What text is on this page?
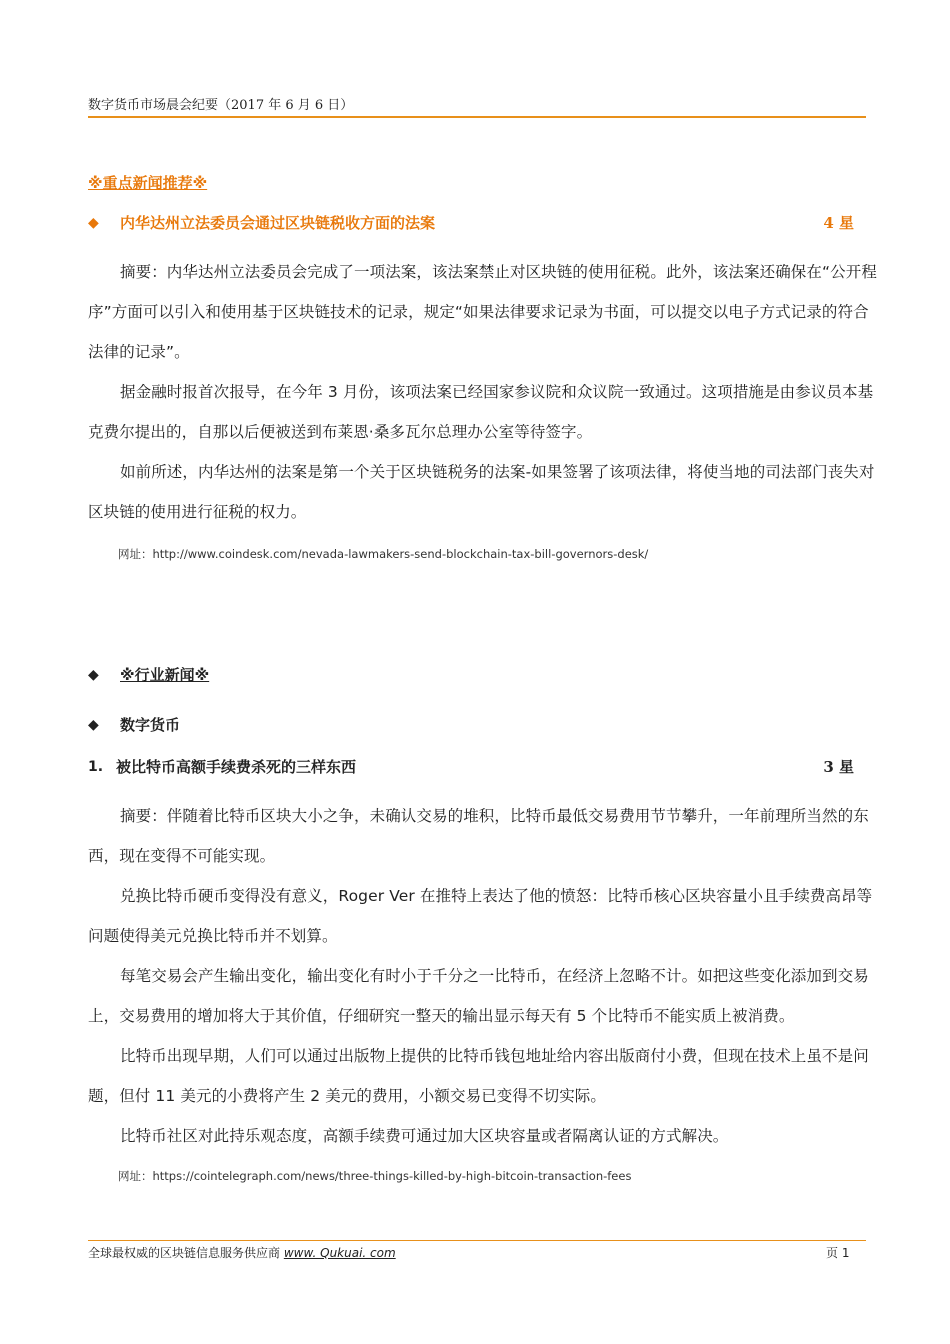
数字货币市场晨会纪要（2017 年 6 月 6 日）
※重点新闻推荐※
◆	内华达州立法委员会通过区块链税收方面的法案	4 星
摘要：内华达州立法委员会完成了一项法案，该法案禁止对区块链的使用征税。此外，该法案还确保在“公开程序”方面可以引入和使用基于区块链技术的记录，规定“如果法律要求记录为书面，可以提交以电子方式记录的符合法律的记录”。
据金融时报首次报导，在今年 3 月份，该项法案已经国家参议院和众议院一致通过。这项措施是由参议员本基克费尔提出的，自那以后便被送到布莱恩·桑多瓦尔总理办公室等待签字。
如前所述，内华达州的法案是第一个关于区块链税务的法案-如果签署了该项法律，将使当地的司法部门丧失对区块链的使用进行征税的权力。
网址：http://www.coindesk.com/nevada-lawmakers-send-blockchain-tax-bill-governors-desk/
◆	※行业新闻※
◆	数字货币
1. 被比特币高额手续费杀死的三样东西	3 星
摘要：伴随着比特币区块大小之争，未确认交易的堆积，比特币最低交易费用节节攀升，一年前理所当然的东西，现在变得不可能实现。
兑换比特币硬币变得没有意义，Roger Ver 在推特上表达了他的愤怒：比特币核心区块容量小且手续费高昂等问题使得美元兑换比特币并不划算。
每笔交易会产生输出变化，输出变化有时小于千分之一比特币，在经济上忽略不计。如把这些变化添加到交易上，交易费用的增加将大于其价值，仔细研究一整天的输出显示每天有 5 个比特币不能实质上被消费。
比特币出现早期，人们可以通过出版物上提供的比特币钱包地址给内容出版商付小费，但现在技术上虽不是问题，但付 11 美元的小费将产生 2 美元的费用，小额交易已变得不切实际。
比特币社区对此持乐观态度，高额手续费可通过加大区块容量或者隔离认证的方式解决。
网址：https://cointelegraph.com/news/three-things-killed-by-high-bitcoin-transaction-fees
全球最权威的区块链信息服务供应商 www. Qukuai. com	页 1
